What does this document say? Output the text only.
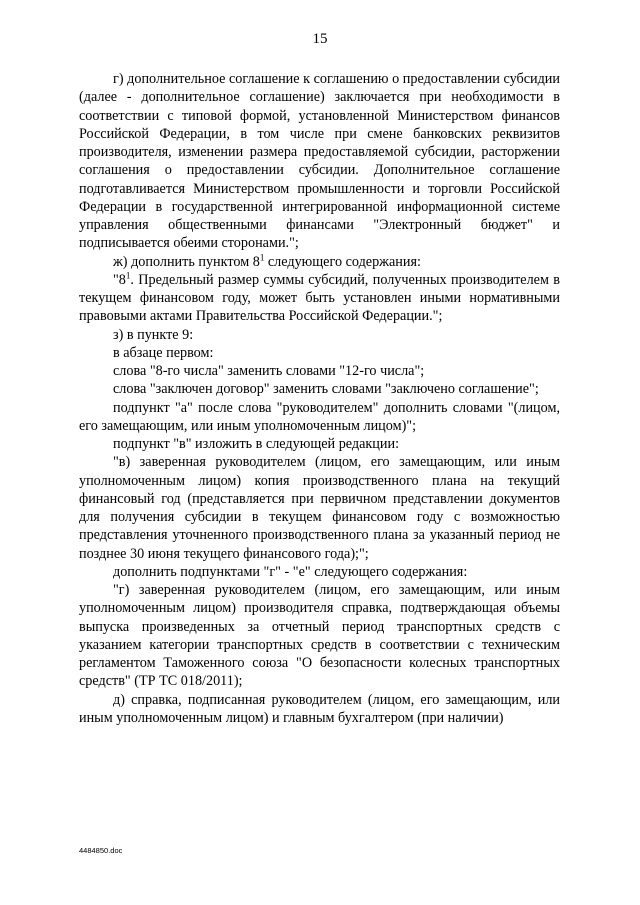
15

г) дополнительное соглашение к соглашению о предоставлении субсидии (далее - дополнительное соглашение) заключается при необходимости в соответствии с типовой формой, установленной Министерством финансов Российской Федерации, в том числе при смене банковских реквизитов производителя, изменении размера предоставляемой субсидии, расторжении соглашения о предоставлении субсидии. Дополнительное соглашение подготавливается Министерством промышленности и торговли Российской Федерации в государственной интегрированной информационной системе управления общественными финансами "Электронный бюджет" и подписывается обеими сторонами.";

ж) дополнить пунктом $8^1$ следующего содержания:

"$8^1$. Предельный размер суммы субсидий, полученных производителем в текущем финансовом году, может быть установлен иными нормативными правовыми актами Правительства Российской Федерации.";

з) в пункте 9:

в абзаце первом:

слова "8-го числа" заменить словами "12-го числа";

слова "заключен договор" заменить словами "заключено соглашение";

подпункт "а" после слова "руководителем" дополнить словами "(лицом, его замещающим, или иным уполномоченным лицом)";

подпункт "в" изложить в следующей редакции:

"в) заверенная руководителем (лицом, его замещающим, или иным уполномоченным лицом) копия производственного плана на текущий финансовый год (представляется при первичном представлении документов для получения субсидии в текущем финансовом году с возможностью представления уточненного производственного плана за указанный период не позднее 30 июня текущего финансового года);";

дополнить подпунктами "г" - "е" следующего содержания:

"г) заверенная руководителем (лицом, его замещающим, или иным уполномоченным лицом) производителя справка, подтверждающая объемы выпуска произведенных за отчетный период транспортных средств с указанием категории транспортных средств в соответствии с техническим регламентом Таможенного союза "О безопасности колесных транспортных средств" (ТР ТС 018/2011);

д) справка, подписанная руководителем (лицом, его замещающим, или иным уполномоченным лицом) и главным бухгалтером (при наличии)

4484850.doc
